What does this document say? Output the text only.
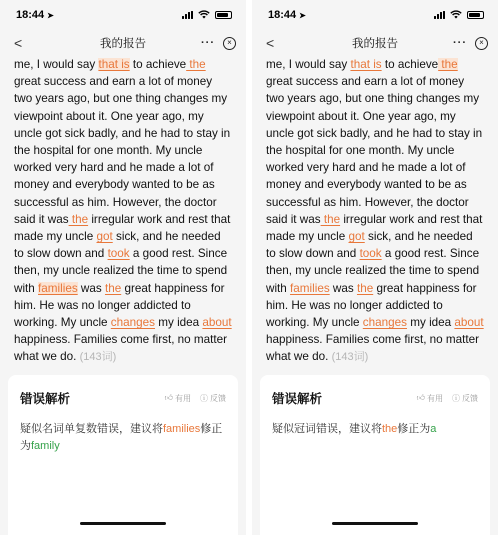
18:44 ➤
<	我的报告	···	×
me, I would say that is to achieve the great success and earn a lot of money two years ago, but one thing changes my viewpoint about it. One year ago, my uncle got sick badly, and he had to stay in the hospital for one month. My uncle worked very hard and he made a lot of money and everybody wanted to be as successful as him. However, the doctor said it was the irregular work and rest that made my uncle got sick, and he needed to slow down and took a good rest. Since then, my uncle realized the time to spend with families was the great happiness for him. He was no longer addicted to working. My uncle changes my idea about happiness. Families come first, no matter what we do. (143词)
错误解析	👍︎ 有用 ⓘ 反馈
疑似名词单复数错误，建议将families修正为family
18:44 ➤
<	我的报告	···	×
me, I would say that is to achieve the great success and earn a lot of money two years ago, but one thing changes my viewpoint about it. One year ago, my uncle got sick badly, and he had to stay in the hospital for one month. My uncle worked very hard and he made a lot of money and everybody wanted to be as successful as him. However, the doctor said it was the irregular work and rest that made my uncle got sick, and he needed to slow down and took a good rest. Since then, my uncle realized the time to spend with families was the great happiness for him. He was no longer addicted to working. My uncle changes my idea about happiness. Families come first, no matter what we do. (143词)
错误解析	👍︎ 有用 ⓘ 反馈
疑似冠词错误，建议将the修正为a
